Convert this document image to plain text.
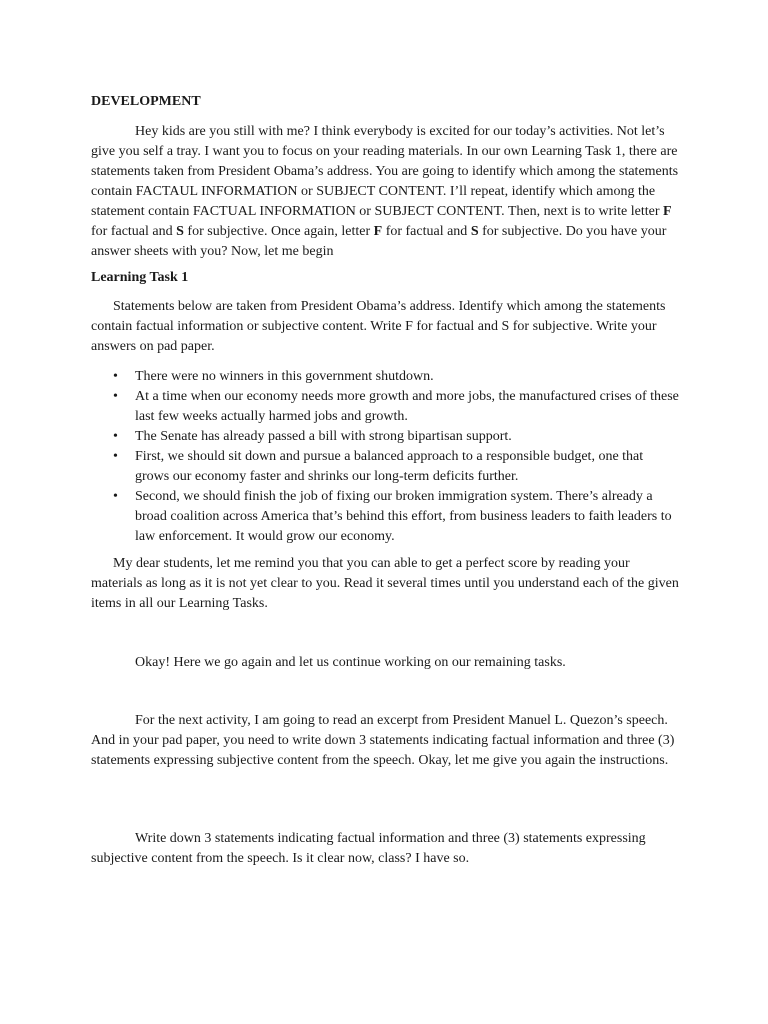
DEVELOPMENT

Hey kids are you still with me? I think everybody is excited for our today’s activities. Not let’s give you self a tray. I want you to focus on your reading materials. In our own Learning Task 1, there are statements taken from President Obama’s address. You are going to identify which among the statements contain FACTAUL INFORMATION or SUBJECT CONTENT. I’ll repeat, identify which among the statement contain FACTUAL INFORMATION or SUBJECT CONTENT. Then, next is to write letter F for factual and S for subjective. Once again, letter F for factual and S for subjective. Do you have your answer sheets with you? Now, let me begin

Learning Task 1

Statements below are taken from President Obama’s address. Identify which among the statements contain factual information or subjective content. Write F for factual and S for subjective. Write your answers on pad paper.

• There were no winners in this government shutdown.
• At a time when our economy needs more growth and more jobs, the manufactured crises of these last few weeks actually harmed jobs and growth.
• The Senate has already passed a bill with strong bipartisan support.
• First, we should sit down and pursue a balanced approach to a responsible budget, one that grows our economy faster and shrinks our long-term deficits further.
• Second, we should finish the job of fixing our broken immigration system. There’s already a broad coalition across America that’s behind this effort, from business leaders to faith leaders to law enforcement. It would grow our economy.

My dear students, let me remind you that you can able to get a perfect score by reading your materials as long as it is not yet clear to you. Read it several times until you understand each of the given items in all our Learning Tasks.

Okay! Here we go again and let us continue working on our remaining tasks.

For the next activity, I am going to read an excerpt from President Manuel L. Quezon’s speech. And in your pad paper, you need to write down 3 statements indicating factual information and three (3) statements expressing subjective content from the speech. Okay, let me give you again the instructions.

Write down 3 statements indicating factual information and three (3) statements expressing subjective content from the speech. Is it clear now, class? I have so.
